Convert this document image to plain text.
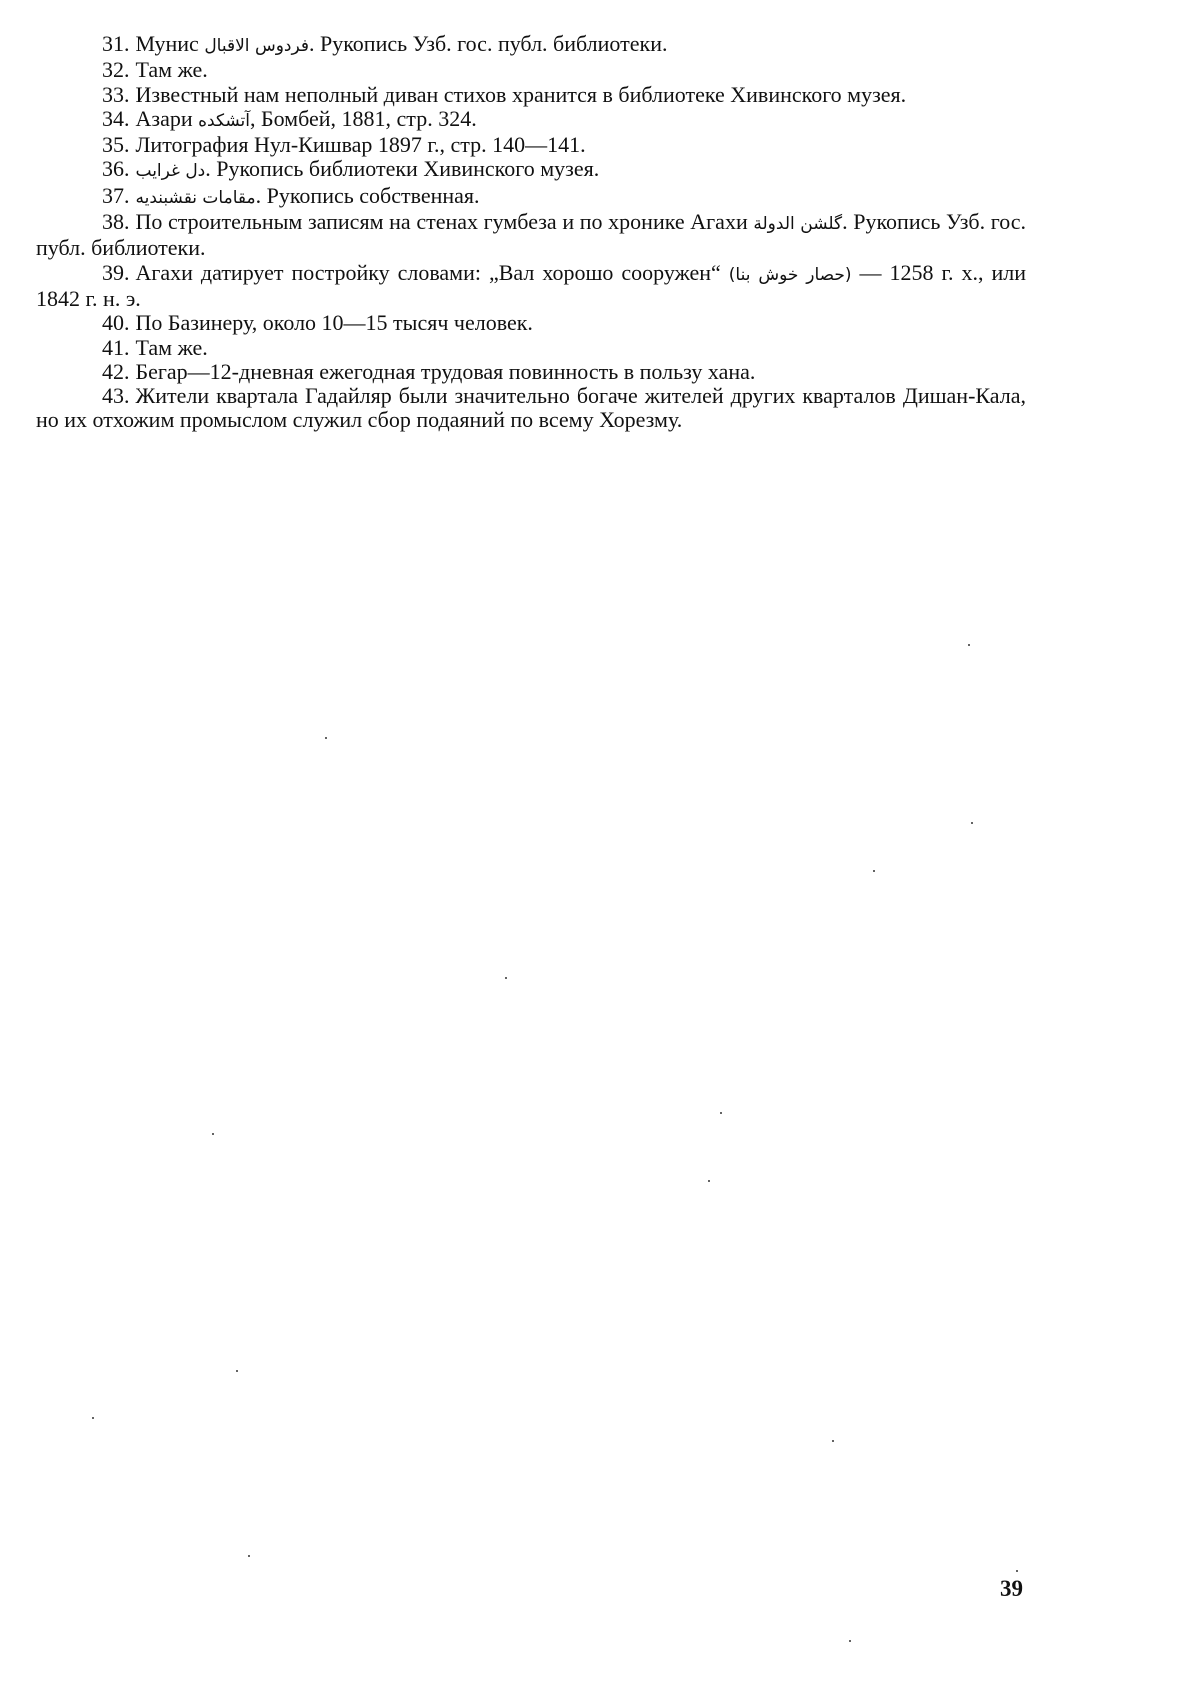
31. Мунис فردوس الاقبال. Рукопись Узб. гос. публ. библиотеки.

32. Там же.

33. Известный нам неполный диван стихов хранится в библиотеке Хивинского музея.

34. Азари آتشکده, Бомбей, 1881, стр. 324.

35. Литография Нул-Кишвар 1897 г., стр. 140—141.

36. دل غرایب. Рукопись библиотеки Хивинского музея.

37. مقامات نقشبندیه. Рукопись собственная.

38. По строительным записям на стенах гумбеза и по хронике Агахи گلشن الدولة. Рукопись Узб. гос. публ. библиотеки.

39. Агахи датирует постройку словами: „Вал хорошо сооружен“ (حصار خوش بنا) — 1258 г. х., или 1842 г. н. э.

40. По Базинеру, около 10—15 тысяч человек.

41. Там же.

42. Бегар—12-дневная ежегодная трудовая повинность в пользу хана.

43. Жители квартала Гадайляр были значительно богаче жителей других кварталов Дишан-Кала, но их отхожим промыслом служил сбор подаяний по всему Хорезму.

39
